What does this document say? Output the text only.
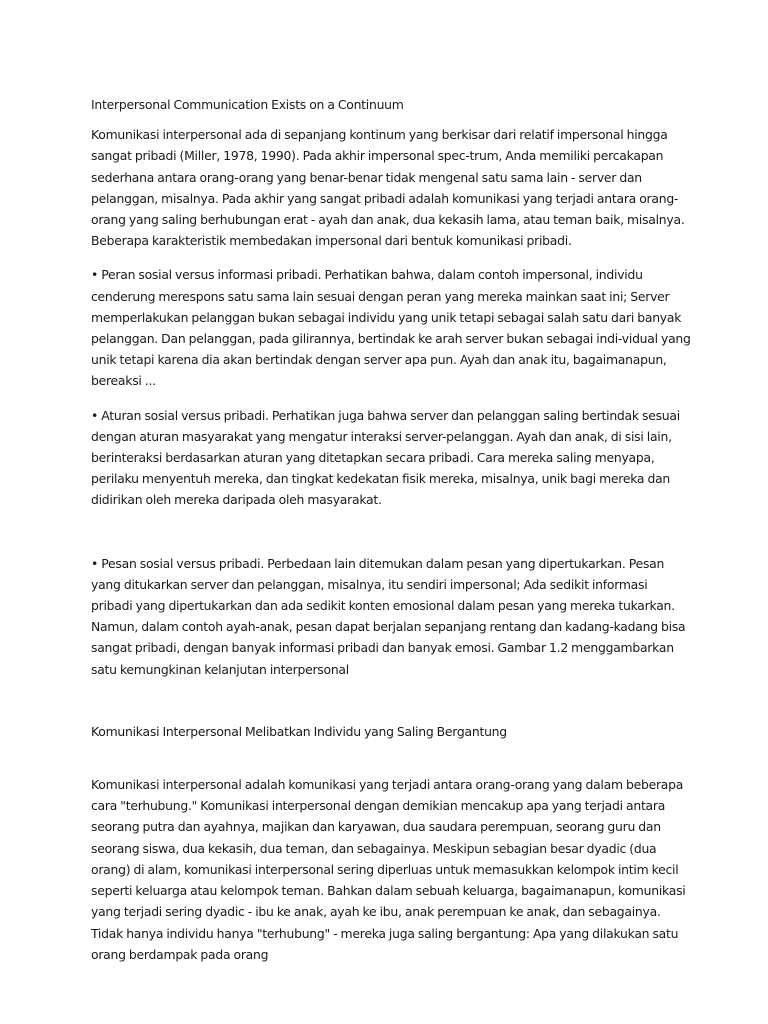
Interpersonal Communication Exists on a Continuum

Komunikasi interpersonal ada di sepanjang kontinum yang berkisar dari relatif impersonal hingga sangat pribadi (Miller, 1978, 1990). Pada akhir impersonal spec-trum, Anda memiliki percakapan sederhana antara orang-orang yang benar-benar tidak mengenal satu sama lain - server dan pelanggan, misalnya. Pada akhir yang sangat pribadi adalah komunikasi yang terjadi antara orang-orang yang saling berhubungan erat - ayah dan anak, dua kekasih lama, atau teman baik, misalnya. Beberapa karakteristik membedakan impersonal dari bentuk komunikasi pribadi.

• Peran sosial versus informasi pribadi. Perhatikan bahwa, dalam contoh impersonal, individu cenderung merespons satu sama lain sesuai dengan peran yang mereka mainkan saat ini; Server memperlakukan pelanggan bukan sebagai individu yang unik tetapi sebagai salah satu dari banyak pelanggan. Dan pelanggan, pada gilirannya, bertindak ke arah server bukan sebagai indi-vidual yang unik tetapi karena dia akan bertindak dengan server apa pun. Ayah dan anak itu, bagaimanapun, bereaksi ...

• Aturan sosial versus pribadi. Perhatikan juga bahwa server dan pelanggan saling bertindak sesuai dengan aturan masyarakat yang mengatur interaksi server-pelanggan. Ayah dan anak, di sisi lain, berinteraksi berdasarkan aturan yang ditetapkan secara pribadi. Cara mereka saling menyapa, perilaku menyentuh mereka, dan tingkat kedekatan fisik mereka, misalnya, unik bagi mereka dan didirikan oleh mereka daripada oleh masyarakat.

• Pesan sosial versus pribadi. Perbedaan lain ditemukan dalam pesan yang dipertukarkan. Pesan yang ditukarkan server dan pelanggan, misalnya, itu sendiri impersonal; Ada sedikit informasi pribadi yang dipertukarkan dan ada sedikit konten emosional dalam pesan yang mereka tukarkan. Namun, dalam contoh ayah-anak, pesan dapat berjalan sepanjang rentang dan kadang-kadang bisa sangat pribadi, dengan banyak informasi pribadi dan banyak emosi. Gambar 1.2 menggambarkan satu kemungkinan kelanjutan interpersonal

Komunikasi Interpersonal Melibatkan Individu yang Saling Bergantung

Komunikasi interpersonal adalah komunikasi yang terjadi antara orang-orang yang dalam beberapa cara "terhubung." Komunikasi interpersonal dengan demikian mencakup apa yang terjadi antara seorang putra dan ayahnya, majikan dan karyawan, dua saudara perempuan, seorang guru dan seorang siswa, dua kekasih, dua teman, dan sebagainya. Meskipun sebagian besar dyadic (dua orang) di alam, komunikasi interpersonal sering diperluas untuk memasukkan kelompok intim kecil seperti keluarga atau kelompok teman. Bahkan dalam sebuah keluarga, bagaimanapun, komunikasi yang terjadi sering dyadic - ibu ke anak, ayah ke ibu, anak perempuan ke anak, dan sebagainya. Tidak hanya individu hanya "terhubung" - mereka juga saling bergantung: Apa yang dilakukan satu orang berdampak pada orang
